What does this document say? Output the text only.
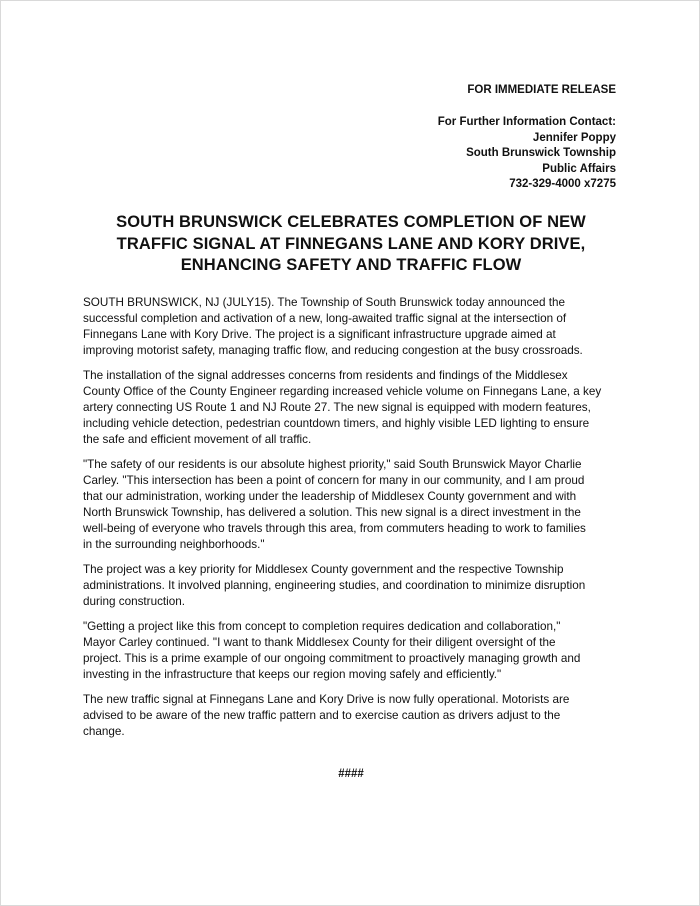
FOR IMMEDIATE RELEASE
For Further Information Contact:
Jennifer Poppy
South Brunswick Township
Public Affairs
732-329-4000 x7275
SOUTH BRUNSWICK CELEBRATES COMPLETION OF NEW
TRAFFIC SIGNAL AT FINNEGANS LANE AND KORY DRIVE,
ENHANCING SAFETY AND TRAFFIC FLOW

SOUTH BRUNSWICK, NJ (JULY15). The Township of South Brunswick today announced the
successful completion and activation of a new, long-awaited traffic signal at the intersection of
Finnegans Lane with Kory Drive. The project is a significant infrastructure upgrade aimed at
improving motorist safety, managing traffic flow, and reducing congestion at the busy crossroads.

The installation of the signal addresses concerns from residents and findings of the Middlesex
County Office of the County Engineer regarding increased vehicle volume on Finnegans Lane, a key
artery connecting US Route 1 and NJ Route 27. The new signal is equipped with modern features,
including vehicle detection, pedestrian countdown timers, and highly visible LED lighting to ensure
the safe and efficient movement of all traffic.

"The safety of our residents is our absolute highest priority," said South Brunswick Mayor Charlie
Carley. "This intersection has been a point of concern for many in our community, and I am proud
that our administration, working under the leadership of Middlesex County government and with
North Brunswick Township, has delivered a solution. This new signal is a direct investment in the
well-being of everyone who travels through this area, from commuters heading to work to families
in the surrounding neighborhoods."

The project was a key priority for Middlesex County government and the respective Township
administrations. It involved planning, engineering studies, and coordination to minimize disruption
during construction.

"Getting a project like this from concept to completion requires dedication and collaboration,"
Mayor Carley continued. "I want to thank Middlesex County for their diligent oversight of the
project. This is a prime example of our ongoing commitment to proactively managing growth and
investing in the infrastructure that keeps our region moving safely and efficiently."

The new traffic signal at Finnegans Lane and Kory Drive is now fully operational. Motorists are
advised to be aware of the new traffic pattern and to exercise caution as drivers adjust to the
change.

####
